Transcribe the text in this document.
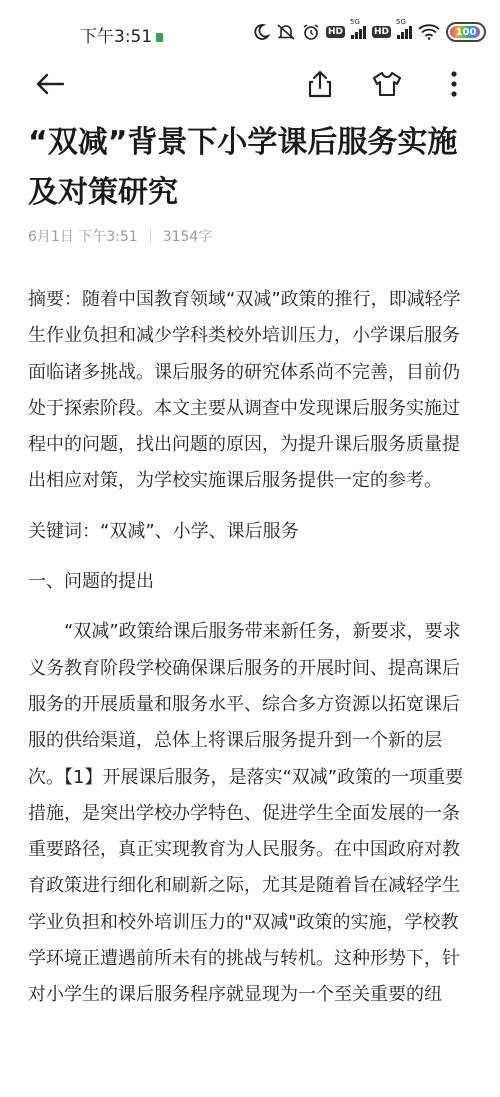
下午3:51	HD
5G
HD
5G
100
“双减”背景下小学课后服务实施及对策研究
6月1日 下午3:51 3154字

摘要：随着中国教育领域“双减”政策的推行，即减轻学生作业负担和减少学科类校外培训压力，小学课后服务面临诸多挑战。课后服务的研究体系尚不完善，目前仍处于探索阶段。本文主要从调查中发现课后服务实施过程中的问题，找出问题的原因，为提升课后服务质量提出相应对策，为学校实施课后服务提供一定的参考。

关键词：“双减”、小学、课后服务

一、问题的提出

“双减”政策给课后服务带来新任务，新要求，要求义务教育阶段学校确保课后服务的开展时间、提高课后服务的开展质量和服务水平、综合多方资源以拓宽课后服的供给渠道，总体上将课后服务提升到一个新的层次。【1】开展课后服务，是落实“双减”政策的一项重要措施，是突出学校办学特色、促进学生全面发展的一条重要路径，真正实现教育为人民服务。在中国政府对教育政策进行细化和刷新之际，尤其是随着旨在减轻学生学业负担和校外培训压力的"双减"政策的实施，学校教学环境正遭遇前所未有的挑战与转机。这种形势下，针对小学生的课后服务程序就显现为一个至关重要的纽
